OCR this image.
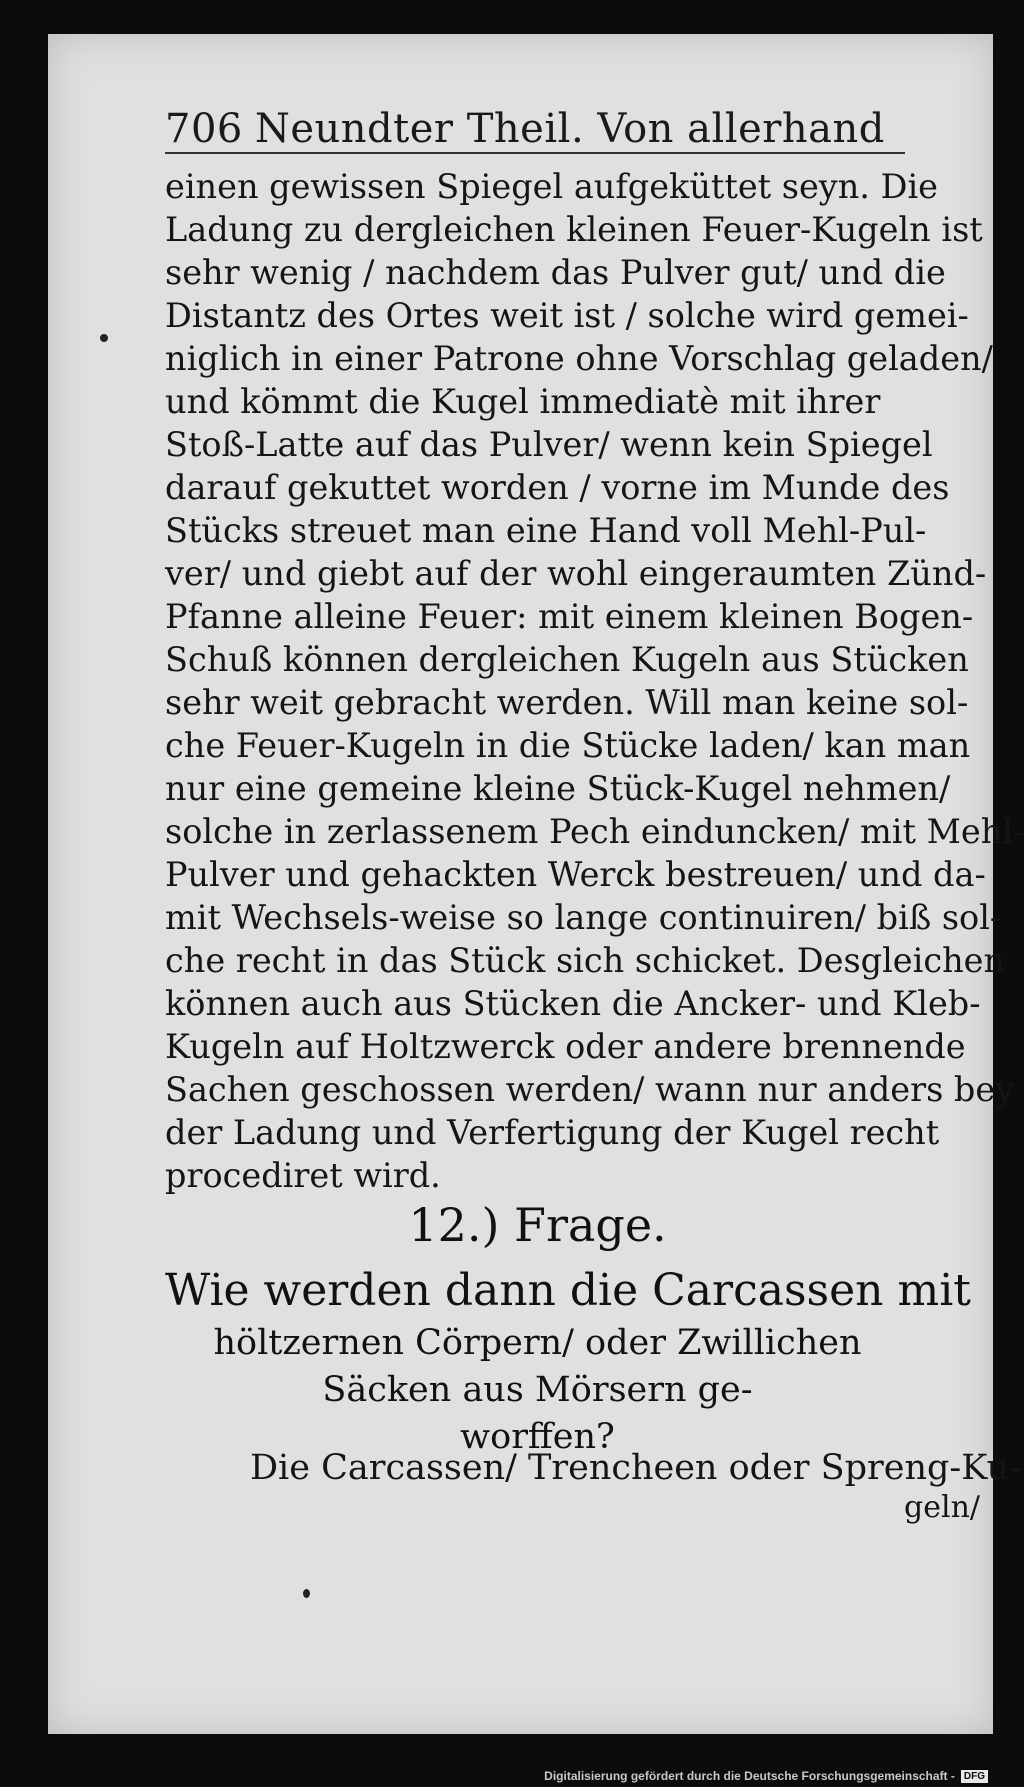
706 Neundter Theil. Von allerhand
einen gewissen Spiegel aufgeküttet seyn. Die
Ladung zu dergleichen kleinen Feuer-Kugeln ist
sehr wenig / nachdem das Pulver gut/ und die
Distantz des Ortes weit ist / solche wird gemei-
niglich in einer Patrone ohne Vorschlag geladen/
und kömmt die Kugel immediatè mit ihrer
Stoß-Latte auf das Pulver/ wenn kein Spiegel
darauf gekuttet worden / vorne im Munde des
Stücks streuet man eine Hand voll Mehl-Pul-
ver/ und giebt auf der wohl eingeraumten Zünd-
Pfanne alleine Feuer: mit einem kleinen Bogen-
Schuß können dergleichen Kugeln aus Stücken
sehr weit gebracht werden. Will man keine sol-
che Feuer-Kugeln in die Stücke laden/ kan man
nur eine gemeine kleine Stück-Kugel nehmen/
solche in zerlassenem Pech einduncken/ mit Mehl-
Pulver und gehackten Werck bestreuen/ und da-
mit Wechsels-weise so lange continuiren/ biß sol-
che recht in das Stück sich schicket. Desgleichen
können auch aus Stücken die Ancker- und Kleb-
Kugeln auf Holtzwerck oder andere brennende
Sachen geschossen werden/ wann nur anders bey
der Ladung und Verfertigung der Kugel recht
procediret wird.
12.) Frage.
Wie werden dann die Carcassen mit
höltzernen Cörpern/ oder Zwillichen
Säcken aus Mörsern ge-
worffen?
Die Carcassen/ Trencheen oder Spreng-Ku-
geln/
Digitalisierung gefördert durch die Deutsche Forschungsgemeinschaft - DFG
